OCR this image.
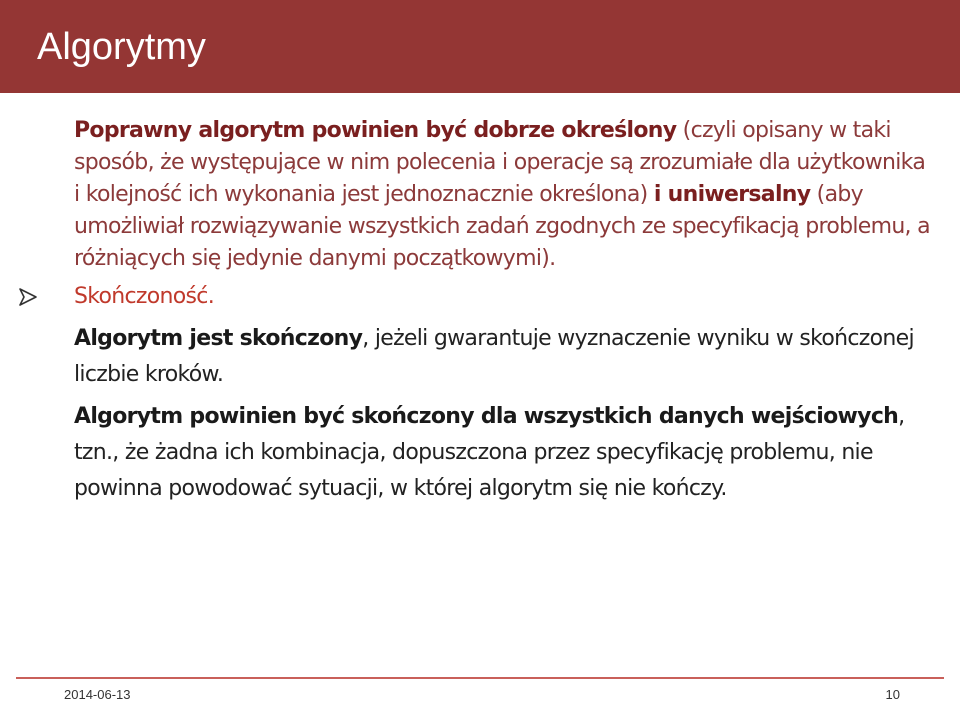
Algorytmy
Poprawny algorytm powinien być dobrze określony (czyli opisany w taki sposób, że występujące w nim polecenia i operacje są zrozumiałe dla użytkownika i kolejność ich wykonania jest jednoznacznie określona) i uniwersalny (aby umożliwiał rozwiązywanie wszystkich zadań zgodnych ze specyfikacją problemu, a różniących się jedynie danymi początkowymi).
Skończoność.
Algorytm jest skończony, jeżeli gwarantuje wyznaczenie wyniku w skończonej liczbie kroków.
Algorytm powinien być skończony dla wszystkich danych wejściowych, tzn., że żadna ich kombinacja, dopuszczona przez specyfikację problemu, nie powinna powodować sytuacji, w której algorytm się nie kończy.
2014-06-13	10
